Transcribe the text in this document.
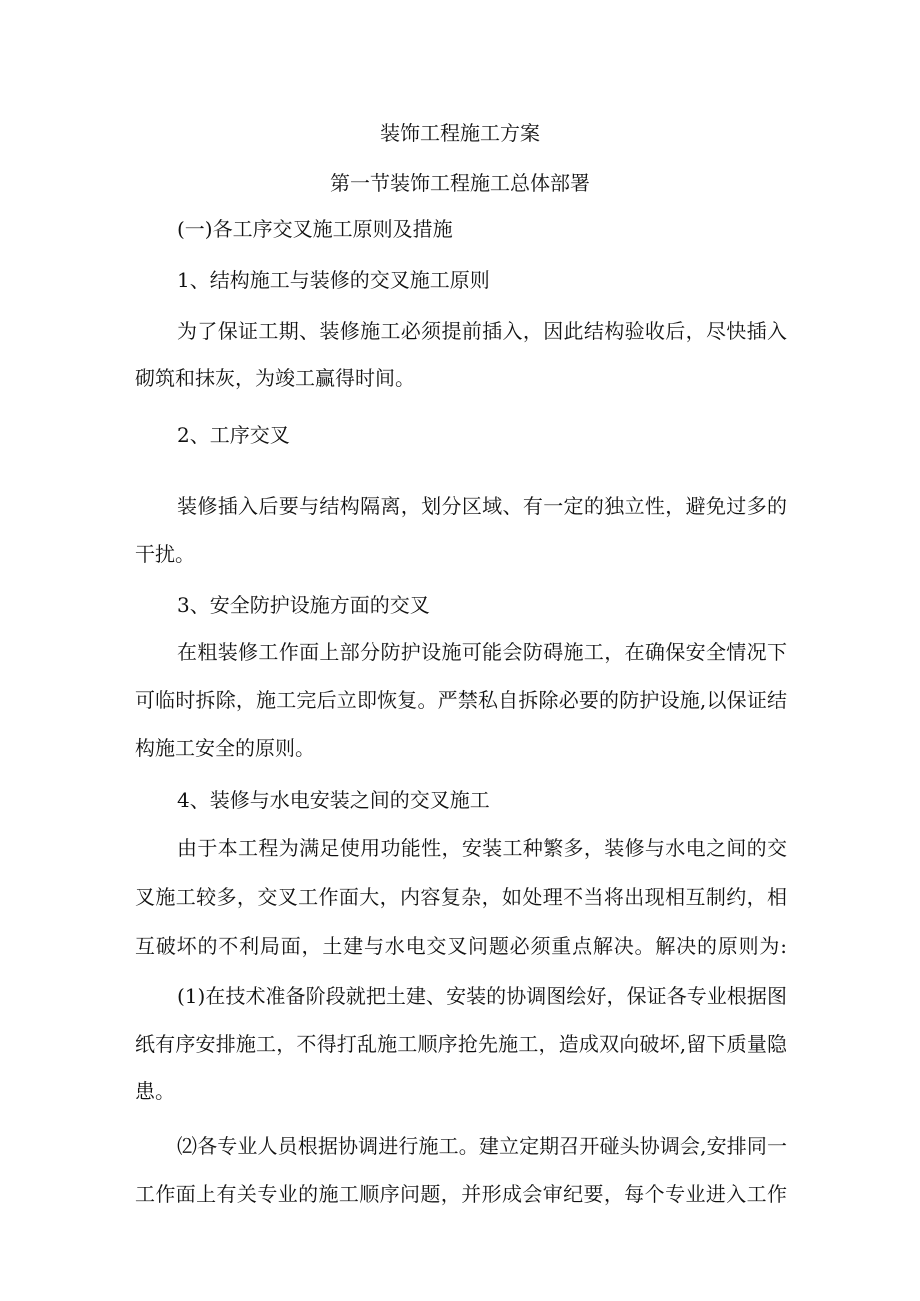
装饰工程施工方案
第一节装饰工程施工总体部署

(一)各工序交叉施工原则及措施

1、结构施工与装修的交叉施工原则

为了保证工期、装修施工必须提前插入，因此结构验收后，尽快插入

砌筑和抹灰，为竣工赢得时间。

2、工序交叉

装修插入后要与结构隔离，划分区域、有一定的独立性，避免过多的

干扰。

3、安全防护设施方面的交叉

在粗装修工作面上部分防护设施可能会防碍施工，在确保安全情况下

可临时拆除，施工完后立即恢复。严禁私自拆除必要的防护设施,以保证结

构施工安全的原则。

4、装修与水电安装之间的交叉施工

由于本工程为满足使用功能性，安装工种繁多，装修与水电之间的交

叉施工较多，交叉工作面大，内容复杂，如处理不当将出现相互制约，相

互破坏的不利局面，土建与水电交叉问题必须重点解决。解决的原则为:

(1)在技术准备阶段就把土建、安装的协调图绘好，保证各专业根据图

纸有序安排施工，不得打乱施工顺序抢先施工，造成双向破坏,留下质量隐

患。

⑵各专业人员根据协调进行施工。建立定期召开碰头协调会,安排同一

工作面上有关专业的施工顺序问题，并形成会审纪要，每个专业进入工作
